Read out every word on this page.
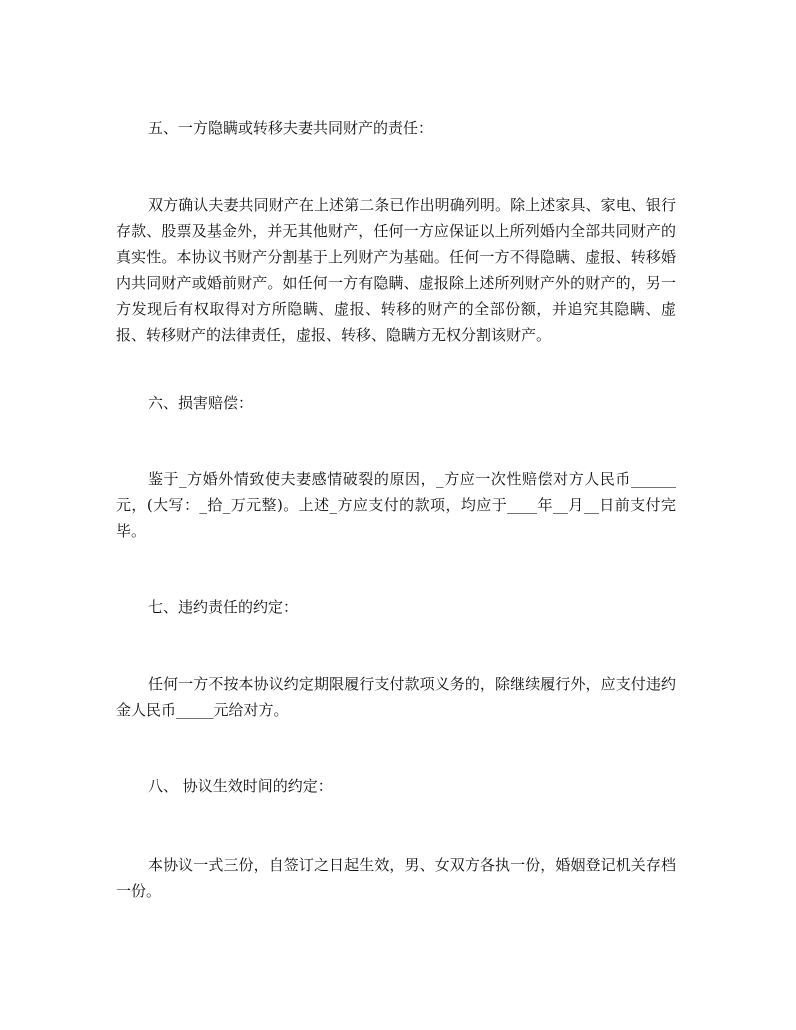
五、一方隐瞒或转移夫妻共同财产的责任：

双方确认夫妻共同财产在上述第二条已作出明确列明。除上述家具、家电、银行存款、股票及基金外，并无其他财产，任何一方应保证以上所列婚内全部共同财产的真实性。本协议书财产分割基于上列财产为基础。任何一方不得隐瞒、虚报、转移婚内共同财产或婚前财产。如任何一方有隐瞒、虚报除上述所列财产外的财产的，另一方发现后有权取得对方所隐瞒、虚报、转移的财产的全部份额，并追究其隐瞒、虚报、转移财产的法律责任，虚报、转移、隐瞒方无权分割该财产。

六、损害赔偿：

鉴于_方婚外情致使夫妻感情破裂的原因，_方应一次性赔偿对方人民币______元，(大写：_拾_万元整)。上述_方应支付的款项，均应于____年__月__日前支付完毕。

七、违约责任的约定：

任何一方不按本协议约定期限履行支付款项义务的，除继续履行外，应支付违约金人民币_____元给对方。

八、 协议生效时间的约定：

本协议一式三份，自签订之日起生效，男、女双方各执一份，婚姻登记机关存档一份。
